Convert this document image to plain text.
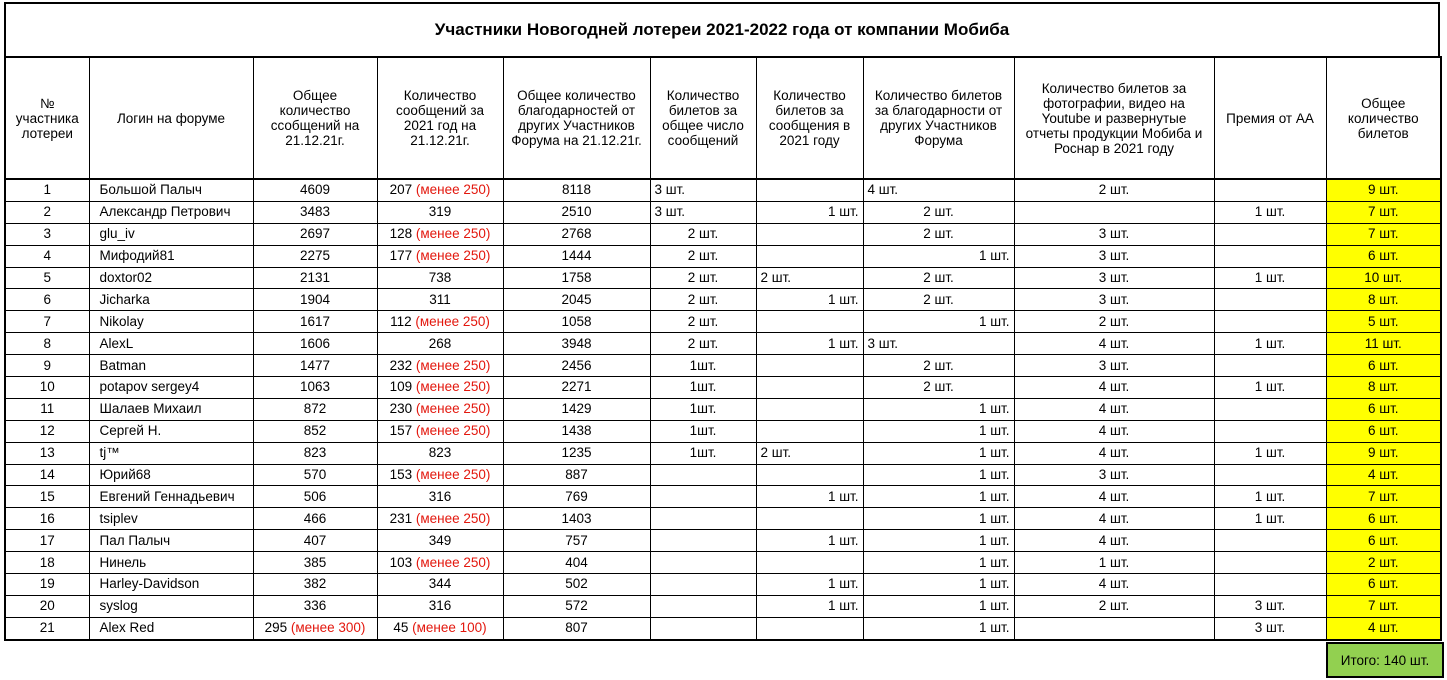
Участники Новогодней лотереи 2021-2022 года от компании Мобиба
№ участника лотереи	Логин на форуме	Общее количество ссобщений на 21.12.21г.	Количество сообщений за 2021 год на 21.12.21г.	Общее количество благодарностей от других Участников Форума на 21.12.21г.	Количество билетов за общее число сообщений	Количество билетов за сообщения в 2021 году	Количество билетов за благодарности от других Участников Форума	Количество билетов за фотографии, видео на Youtube и развернутые отчеты продукции Мобиба и Роснар в 2021 году	Премия от АА	Общее количество билетов
1	Большой Палыч	4609	207 (менее 250)	8118	3 шт.		4 шт.	2 шт.		9 шт.
2	Александр Петрович	3483	319	2510	3 шт.	1 шт.	2 шт.		1 шт.	7 шт.
3	glu_iv	2697	128 (менее 250)	2768	2 шт.		2 шт.	3 шт.		7 шт.
4	Мифодий81	2275	177 (менее 250)	1444	2 шт.		1 шт.	3 шт.		6 шт.
5	doxtor02	2131	738	1758	2 шт.	2 шт.	2 шт.	3 шт.	1 шт.	10 шт.
6	Jicharka	1904	311	2045	2 шт.	1 шт.	2 шт.	3 шт.		8 шт.
7	Nikolay	1617	112 (менее 250)	1058	2 шт.		1 шт.	2 шт.		5 шт.
8	AlexL	1606	268	3948	2 шт.	1 шт.	3 шт.	4 шт.	1 шт.	11 шт.
9	Batman	1477	232 (менее 250)	2456	1шт.		2 шт.	3 шт.		6 шт.
10	potapov sergey4	1063	109 (менее 250)	2271	1шт.		2 шт.	4 шт.	1 шт.	8 шт.
11	Шалаев Михаил	872	230 (менее 250)	1429	1шт.		1 шт.	4 шт.		6 шт.
12	Сергей Н.	852	157 (менее 250)	1438	1шт.		1 шт.	4 шт.		6 шт.
13	tj™	823	823	1235	1шт.	2 шт.	1 шт.	4 шт.	1 шт.	9 шт.
14	Юрий68	570	153 (менее 250)	887			1 шт.	3 шт.		4 шт.
15	Евгений Геннадьевич	506	316	769		1 шт.	1 шт.	4 шт.	1 шт.	7 шт.
16	tsiplev	466	231 (менее 250)	1403			1 шт.	4 шт.	1 шт.	6 шт.
17	Пал Палыч	407	349	757		1 шт.	1 шт.	4 шт.		6 шт.
18	Нинель	385	103 (менее 250)	404			1 шт.	1 шт.		2 шт.
19	Harley-Davidson	382	344	502		1 шт.	1 шт.	4 шт.		6 шт.
20	syslog	336	316	572		1 шт.	1 шт.	2 шт.	3 шт.	7 шт.
21	Alex Red	295 (менее 300)	45 (менее 100)	807			1 шт.		3 шт.	4 шт.
Итого: 140 шт.
